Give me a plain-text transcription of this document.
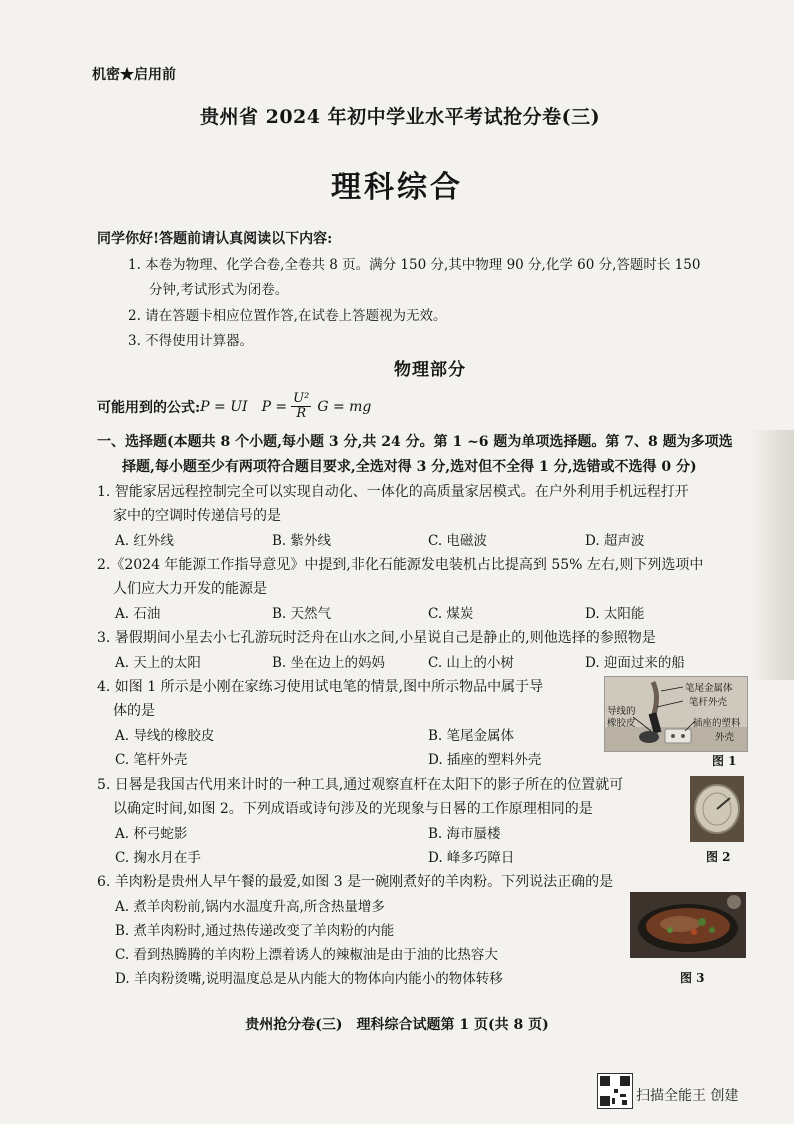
机密★启用前
贵州省 2024 年初中学业水平考试抢分卷(三)
理科综合
同学你好!答题前请认真阅读以下内容:
1. 本卷为物理、化学合卷,全卷共 8 页。满分 150 分,其中物理 90 分,化学 60 分,答题时长 150
分钟,考试形式为闭卷。
2. 请在答题卡相应位置作答,在试卷上答题视为无效。
3. 不得使用计算器。
物理部分
可能用到的公式: P = UI $P = \frac{\text{U²}}{R}$ G = mg
一、选择题(本题共 8 个小题,每小题 3 分,共 24 分。第 1 ~6 题为单项选择题。第 7、8 题为多项选
择题,每小题至少有两项符合题目要求,全选对得 3 分,选对但不全得 1 分,选错或不选得 0 分)
1. 智能家居远程控制完全可以实现自动化、一体化的高质量家居模式。在户外利用手机远程打开
家中的空调时传递信号的是
A. 红外线	B. 紫外线	C. 电磁波	D. 超声波
2.《2024 年能源工作指导意见》中提到,非化石能源发电装机占比提高到 55% 左右,则下列选项中
人们应大力开发的能源是
A. 石油	B. 天然气	C. 煤炭	D. 太阳能
3. 暑假期间小星去小七孔游玩时泛舟在山水之间,小星说自己是静止的,则他选择的参照物是
A. 天上的太阳	B. 坐在边上的妈妈	C. 山上的小树	D. 迎面过来的船
4. 如图 1 所示是小刚在家练习使用试电笔的情景,图中所示物品中属于导
体的是
A. 导线的橡胶皮	B. 笔尾金属体
C. 笔杆外壳	D. 插座的塑料外壳
笔尾金属体
笔杆外壳
导线的
橡胶皮	插座的塑料
外壳
图 1
5. 日晷是我国古代用来计时的一种工具,通过观察直杆在太阳下的影子所在的位置就可
以确定时间,如图 2。下列成语或诗句涉及的光现象与日晷的工作原理相同的是
A. 杯弓蛇影	B. 海市蜃楼
C. 掬水月在手	D. 峰多巧障日	图 2
6. 羊肉粉是贵州人早午餐的最爱,如图 3 是一碗刚煮好的羊肉粉。下列说法正确的是
A. 煮羊肉粉前,锅内水温度升高,所含热量增多
B. 煮羊肉粉时,通过热传递改变了羊肉粉的内能
C. 看到热腾腾的羊肉粉上漂着诱人的辣椒油是由于油的比热容大
D. 羊肉粉烫嘴,说明温度总是从内能大的物体向内能小的物体转移	图 3
贵州抢分卷(三)　理科综合试题第 1 页(共 8 页)
扫描全能王 创建
